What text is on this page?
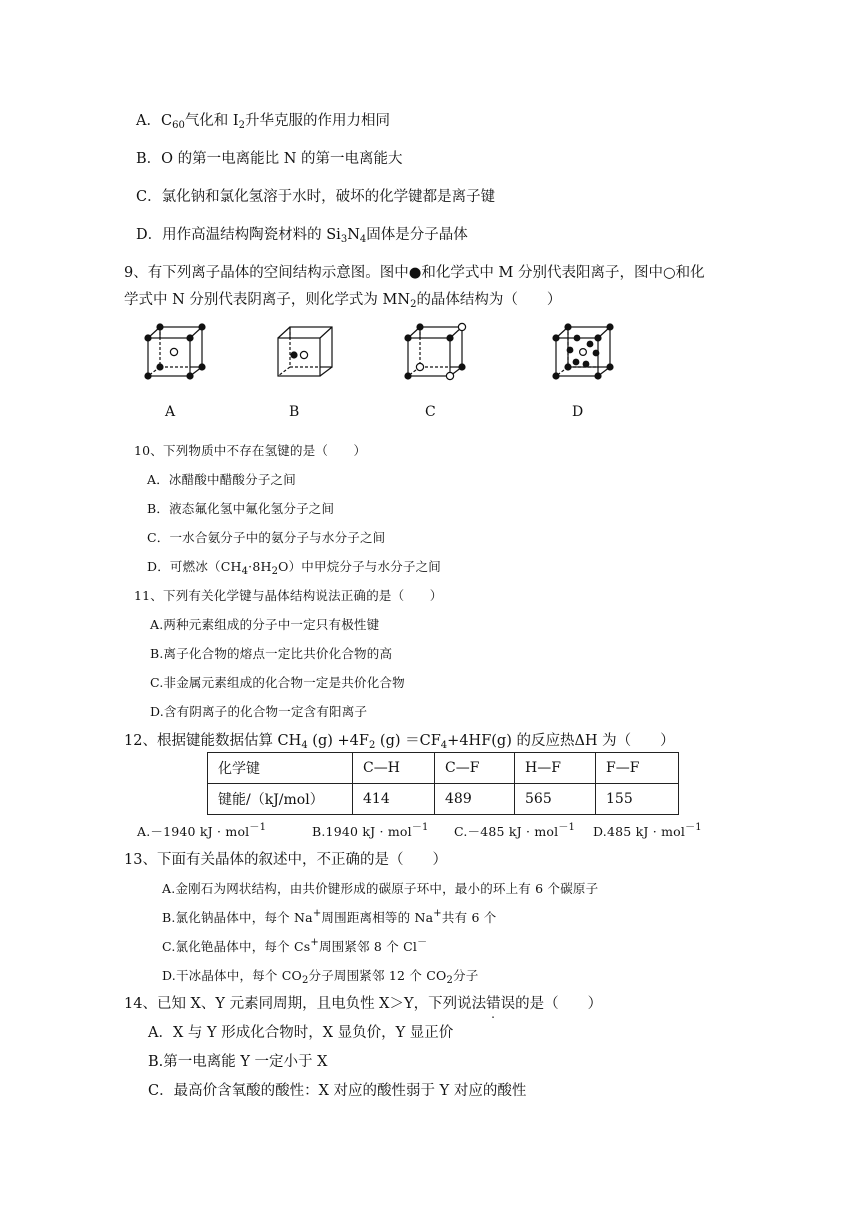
A．$C_{60}$气化和 $I_2$升华克服的作用力相同
B．O 的第一电离能比 N 的第一电离能大
C．氯化钠和氯化氢溶于水时，破坏的化学键都是离子键
D．用作高温结构陶瓷材料的 $Si_3N_4$固体是分子晶体
9、有下列离子晶体的空间结构示意图。图中●和化学式中 M 分别代表阳离子，图中○和化
学式中 N 分别代表阴离子，则化学式为 $MN_2$的晶体结构为（　　）
A	B	C	D
10、下列物质中不存在氢键的是（　　）
A．冰醋酸中醋酸分子之间
B．液态氟化氢中氟化氢分子之间
C．一水合氨分子中的氨分子与水分子之间
D．可燃冰$(CH_4\cdot 8H_2O)$中甲烷分子与水分子之间
11、下列有关化学键与晶体结构说法正确的是（　　）
A.两种元素组成的分子中一定只有极性键
B.离子化合物的熔点一定比共价化合物的高
C.非金属元素组成的化合物一定是共价化合物
D.含有阴离子的化合物一定含有阳离子
12、根据键能数据估算 $CH_4$ $(g) +4F_2$ $(g) =CF_4+4HF(g)$ 的反应热ΔH 为（　　）
化学键	C—H	C—F	H—F	F—F
键能/（kJ/mol）	414	489	565	155
A.－1940 kJ · mol$^{-1}$	B.1940 kJ · mol$^{-1}$ C.－485 kJ · mol$^{-1}$ D.485 kJ · mol$^{-1}$
13、下面有关晶体的叙述中，不正确的是（　　）
A.金刚石为网状结构，由共价键形成的碳原子环中，最小的环上有 6 个碳原子
B.氯化钠晶体中，每个 Na+周围距离相等的 Na+共有 6 个
C.氯化铯晶体中，每个 Cs+周围紧邻 8 个 Cl－
D.干冰晶体中，每个 $CO_2$分子周围紧邻 12 个 $CO_2$分子
14、已知 X、Y 元素同周期，且电负性 X＞Y，下列说法错误的是（　　）
A．X 与 Y 形成化合物时，X 显负价，Y 显正价
B.第一电离能 Y 一定小于 X
C．最高价含氧酸的酸性：X 对应的酸性弱于 Y 对应的酸性
